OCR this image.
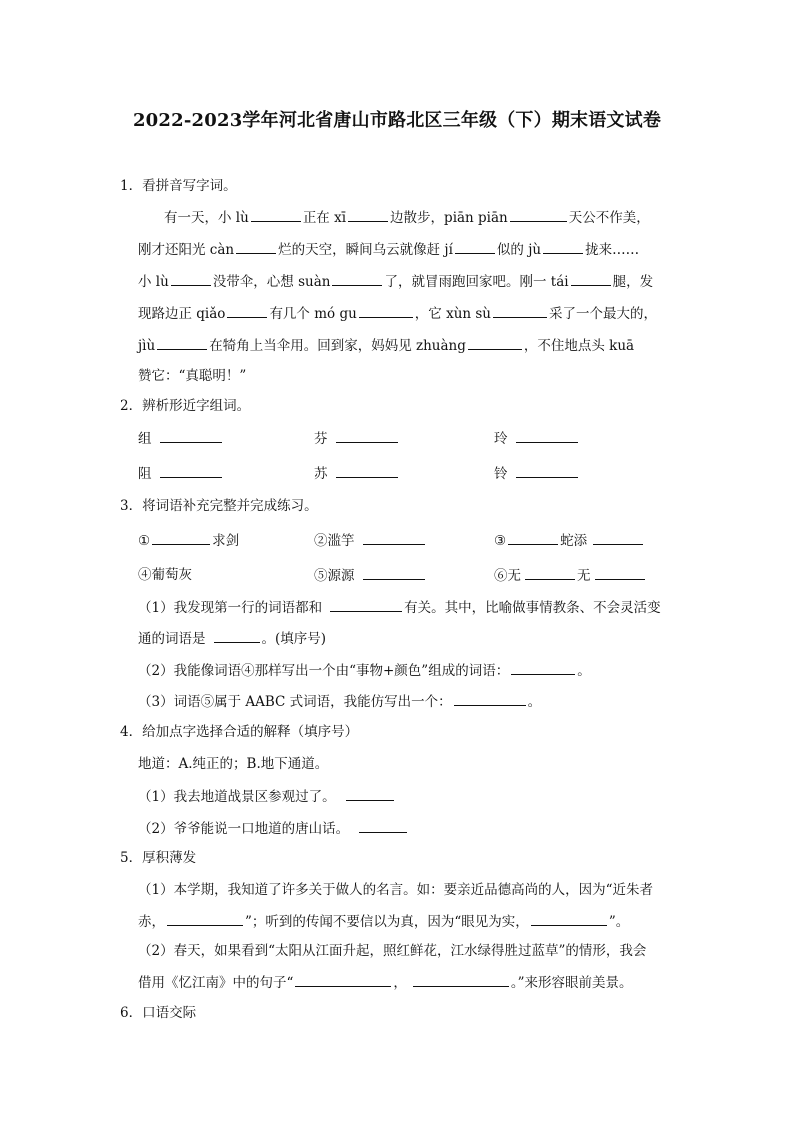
2022-2023学年河北省唐山市路北区三年级（下）期末语文试卷
1．看拼音写字词。
有一天，小 lù	正在 xī	边散步，piān piān	天公不作美，
刚才还阳光 càn	烂的天空，瞬间乌云就像赶 jí	似的 jù	拢来……
小 lù	没带伞，心想 suàn	了，就冒雨跑回家吧。刚一 tái	腿，发
现路边正 qiǎo	有几个 mó gu	，它 xùn sù	采了一个最大的，
jìù	在犄角上当伞用。回到家，妈妈见 zhuàng	，不住地点头 kuā
赞它：“真聪明！”
2．辨析形近字组词。
组	芬	玲
阻	苏	铃
3．将词语补充完整并完成练习。
①	求剑	②滥竽	③	蛇添
④葡萄灰	⑤源源	⑥无	无
（1）我发现第一行的词语都和	有关。其中，比喻做事情教条、不会灵活变
通的词语是	。(填序号)
（2）我能像词语④那样写出一个由“事物+颜色”组成的词语：	。
（3）词语⑤属于 AABC 式词语，我能仿写出一个：	。
4．给加点字选择合适的解释（填序号）
地道：A.纯正的；B.地下通道。
（1）我去地道战景区参观过了。
（2）爷爷能说一口地道的唐山话。
5．厚积薄发
（1）本学期，我知道了许多关于做人的名言。如：要亲近品德高尚的人，因为“近朱者
赤，	”；听到的传闻不要信以为真，因为“眼见为实，	”。
（2）春天，如果看到“太阳从江面升起，照红鲜花，江水绿得胜过蓝草”的情形，我会
借用《忆江南》中的句子“	，	。”来形容眼前美景。
6．口语交际
